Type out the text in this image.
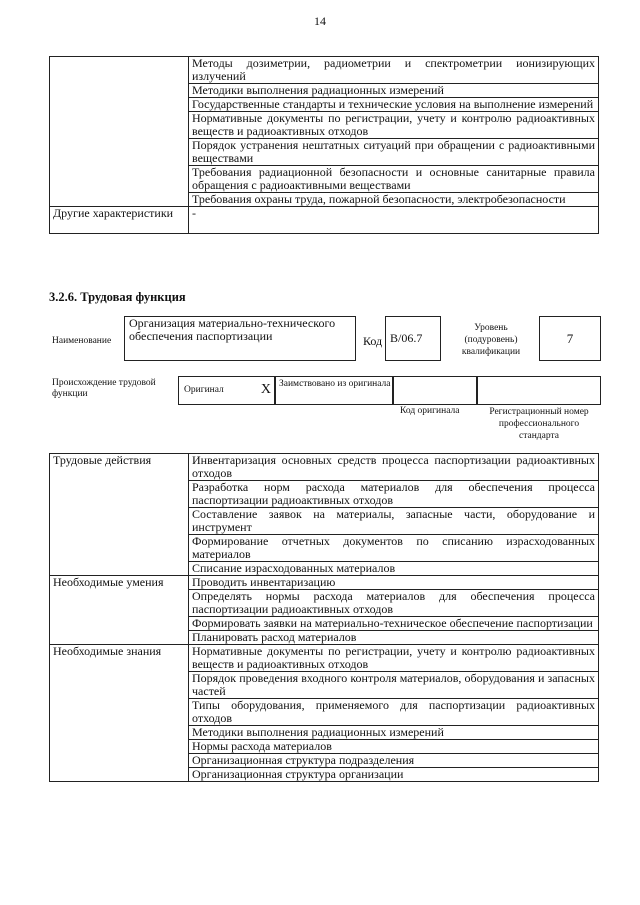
14
	Методы дозиметрии, радиометрии и спектрометрии ионизирующих излучений
	Методики выполнения радиационных измерений
	Государственные стандарты и технические условия на выполнение измерений
	Нормативные документы по регистрации, учету и контролю радиоактивных веществ и радиоактивных отходов
	Порядок устранения нештатных ситуаций при обращении с радиоактивными веществами
	Требования радиационной безопасности и основные санитарные правила обращения с радиоактивными веществами
	Требования охраны труда, пожарной безопасности, электробезопасности
Другие характеристики	-
3.2.6. Трудовая функция
Наименование
Организация материально-технического обеспечения паспортизации	Код В/06.7
Уровень (подуровень) квалификации
7
Происхождение трудовой функции	Оригинал	X Заимствовано из оригинала
Код оригинала	Регистрационный номер профессионального стандарта
Трудовые действия	Инвентаризация основных средств процесса паспортизации радиоактивных отходов
	Разработка норм расхода материалов для обеспечения процесса паспортизации радиоактивных отходов
	Составление заявок на материалы, запасные части, оборудование и инструмент
	Формирование отчетных документов по списанию израсходованных материалов
	Списание израсходованных материалов
Необходимые умения	Проводить инвентаризацию
	Определять нормы расхода материалов для обеспечения процесса паспортизации радиоактивных отходов
	Формировать заявки на материально-техническое обеспечение паспортизации
	Планировать расход материалов
Необходимые знания	Нормативные документы по регистрации, учету и контролю радиоактивных веществ и радиоактивных отходов
	Порядок проведения входного контроля материалов, оборудования и запасных частей
	Типы оборудования, применяемого для паспортизации радиоактивных отходов
	Методики выполнения радиационных измерений
	Нормы расхода материалов
	Организационная структура подразделения
	Организационная структура организации
